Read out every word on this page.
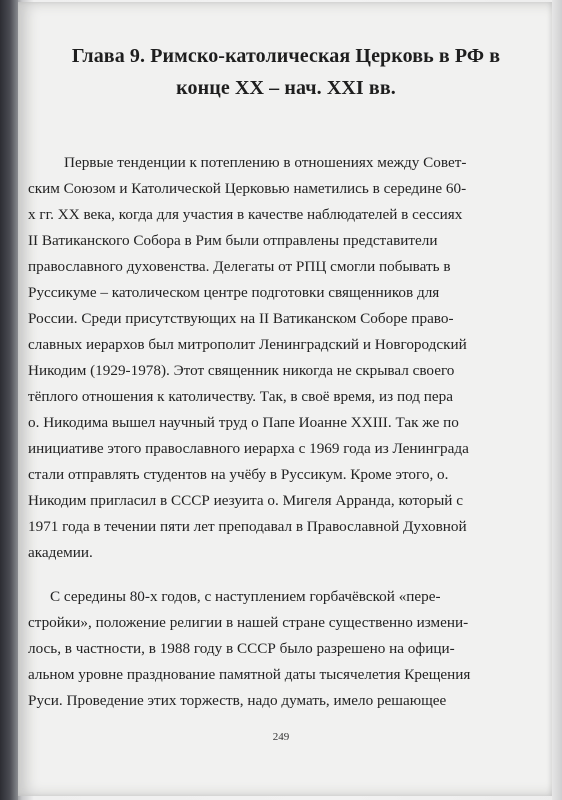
Глава 9. Римско-католическая Церковь в РФ в
конце XX – нач. XXI вв.

Первые тенденции к потеплению в отношениях между Совет-
ским Союзом и Католической Церковью наметились в середине 60-
х гг. XX века, когда для участия в качестве наблюдателей в сессиях
II Ватиканского Собора в Рим были отправлены представители
православного духовенства. Делегаты от РПЦ смогли побывать в
Руссикуме – католическом центре подготовки священников для
России. Среди присутствующих на II Ватиканском Соборе право-
славных иерархов был митрополит Ленинградский и Новгородский
Никодим (1929-1978). Этот священник никогда не скрывал своего
тёплого отношения к католичеству. Так, в своё время, из под пера
о. Никодима вышел научный труд о Папе Иоанне XXIII. Так же по
инициативе этого православного иерарха с 1969 года из Ленинграда
стали отправлять студентов на учёбу в Руссикум. Кроме этого, о.
Никодим пригласил в СССР иезуита о. Мигеля Арранда, который с
1971 года в течении пяти лет преподавал в Православной Духовной
академии.

С середины 80-х годов, с наступлением горбачёвской «пере-
стройки», положение религии в нашей стране существенно измени-
лось, в частности, в 1988 году в СССР было разрешено на офици-
альном уровне празднование памятной даты тысячелетия Крещения
Руси. Проведение этих торжеств, надо думать, имело решающее

249
